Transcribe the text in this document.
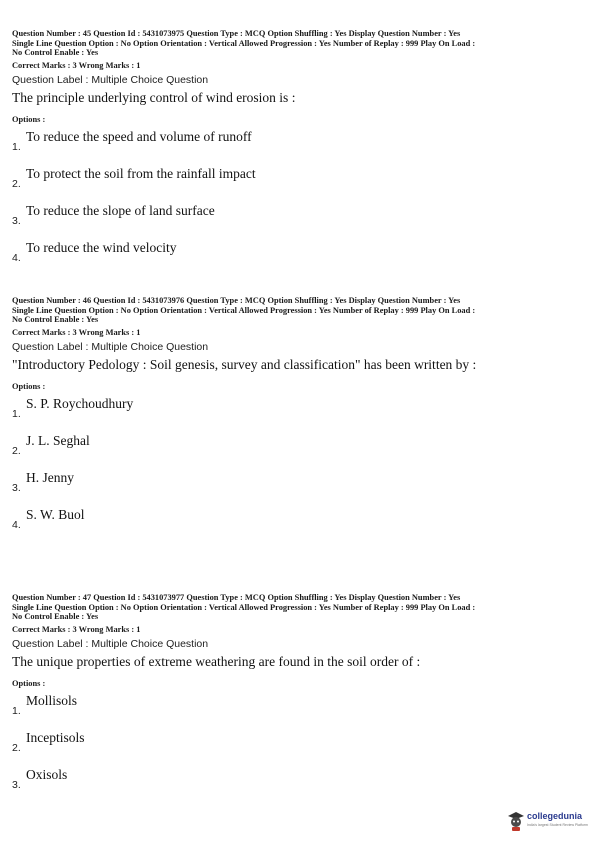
Question Number : 45 Question Id : 5431073975 Question Type : MCQ Option Shuffling : Yes Display Question Number : Yes
Single Line Question Option : No Option Orientation : Vertical Allowed Progression : Yes Number of Replay : 999 Play On Load :
No Control Enable : Yes

Correct Marks : 3 Wrong Marks : 1
Question Label : Multiple Choice Question
The principle underlying control of wind erosion is :
Options :
1.
To reduce the speed and volume of runoff
2.
To protect the soil from the rainfall impact
3.
To reduce the slope of land surface
4.
To reduce the wind velocity

Question Number : 46 Question Id : 5431073976 Question Type : MCQ Option Shuffling : Yes Display Question Number : Yes
Single Line Question Option : No Option Orientation : Vertical Allowed Progression : Yes Number of Replay : 999 Play On Load :
No Control Enable : Yes

Correct Marks : 3 Wrong Marks : 1
Question Label : Multiple Choice Question
"Introductory Pedology : Soil genesis, survey and classification" has been written by :
Options :
1.
S. P. Roychoudhury
2.
J. L. Seghal
3.
H. Jenny
4.
S. W. Buol

Question Number : 47 Question Id : 5431073977 Question Type : MCQ Option Shuffling : Yes Display Question Number : Yes
Single Line Question Option : No Option Orientation : Vertical Allowed Progression : Yes Number of Replay : 999 Play On Load :
No Control Enable : Yes

Correct Marks : 3 Wrong Marks : 1
Question Label : Multiple Choice Question
The unique properties of extreme weathering are found in the soil order of :
Options :
1.
Mollisols
2.
Inceptisols
3.
Oxisols
collegedunia
India's largest Student Review Platform
